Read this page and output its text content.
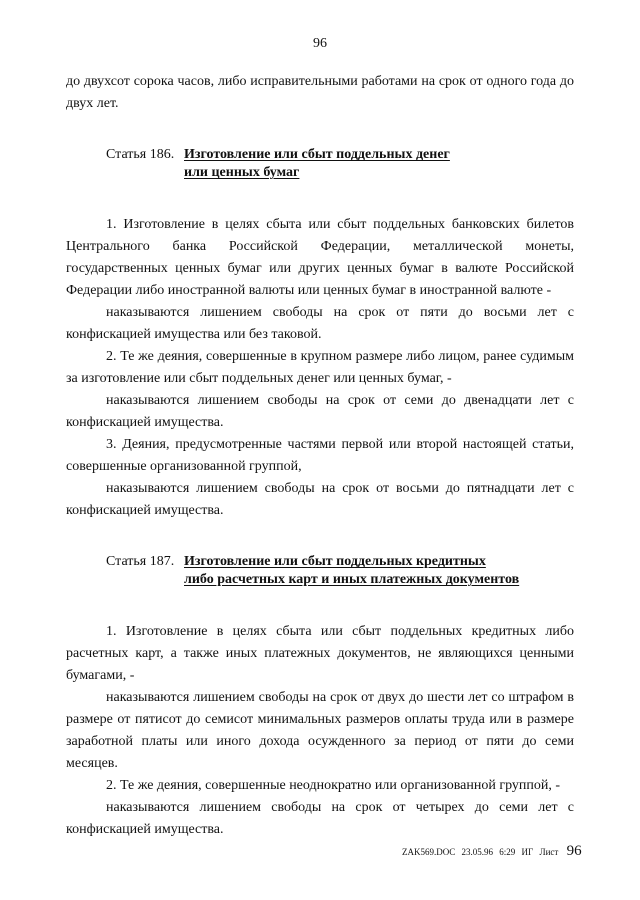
96

до двухсот сорока часов, либо исправительными работами на срок от одного года до двух лет.

Статья 186. Изготовление или сбыт поддельных денег
или ценных бумаг

1. Изготовление в целях сбыта или сбыт поддельных банковских билетов Центрального банка Российской Федерации, металлической монеты, государственных ценных бумаг или других ценных бумаг в валюте Российской Федерации либо иностранной валюты или ценных бумаг в иностранной валюте -

наказываются лишением свободы на срок от пяти до восьми лет с конфискацией имущества или без таковой.

2. Те же деяния, совершенные в крупном размере либо лицом, ранее судимым за изготовление или сбыт поддельных денег или ценных бумаг, -

наказываются лишением свободы на срок от семи до двенадцати лет с конфискацией имущества.

3. Деяния, предусмотренные частями первой или второй настоящей статьи, совершенные организованной группой,

наказываются лишением свободы на срок от восьми до пятнадцати лет с конфискацией имущества.

Статья 187. Изготовление или сбыт поддельных кредитных
либо расчетных карт и иных платежных документов

1. Изготовление в целях сбыта или сбыт поддельных кредитных либо расчетных карт, а также иных платежных документов, не являющихся ценными бумагами, -

наказываются лишением свободы на срок от двух до шести лет со штрафом в размере от пятисот до семисот минимальных размеров оплаты труда или в размере заработной платы или иного дохода осужденного за период от пяти до семи месяцев.

2. Те же деяния, совершенные неоднократно или организованной группой, -

наказываются лишением свободы на срок от четырех до семи лет с конфискацией имущества.

ZAK569.DOC 23.05.96 6:29 ИГ Лист 96
